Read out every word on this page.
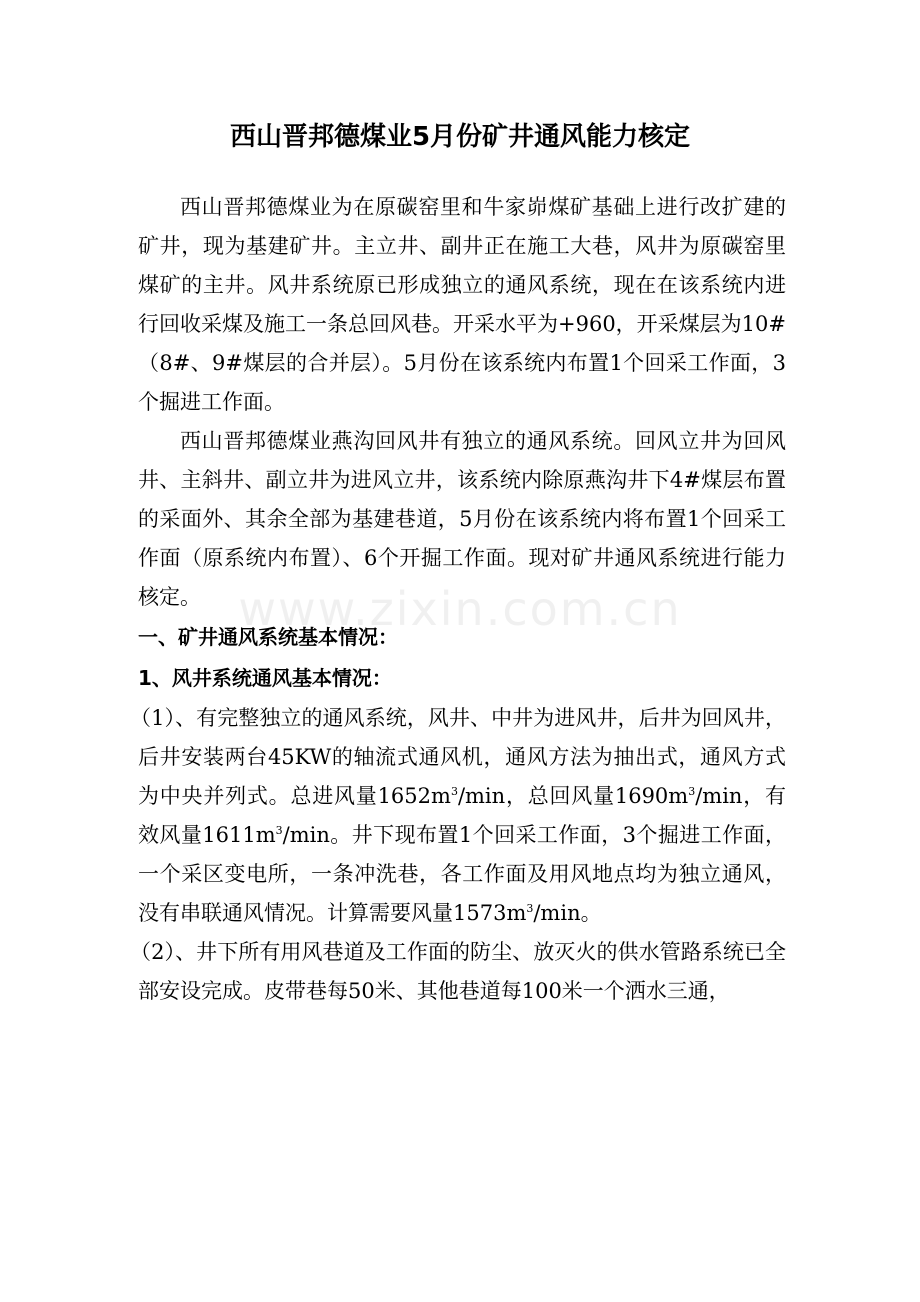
西山晋邦德煤业5月份矿井通风能力核定

西山晋邦德煤业为在原碳窑里和牛家峁煤矿基础上进行改扩建的矿井，现为基建矿井。主立井、副井正在施工大巷，风井为原碳窑里煤矿的主井。风井系统原已形成独立的通风系统，现在在该系统内进行回收采煤及施工一条总回风巷。开采水平为+960，开采煤层为10#（8#、9#煤层的合并层）。5月份在该系统内布置1个回采工作面，3个掘进工作面。

西山晋邦德煤业燕沟回风井有独立的通风系统。回风立井为回风井、主斜井、副立井为进风立井，该系统内除原燕沟井下4#煤层布置的采面外、其余全部为基建巷道，5月份在该系统内将布置1个回采工作面（原系统内布置）、6个开掘工作面。现对矿井通风系统进行能力核定。

一、矿井通风系统基本情况：

1、风井系统通风基本情况：

（1）、有完整独立的通风系统，风井、中井为进风井，后井为回风井，后井安装两台45KW的轴流式通风机，通风方法为抽出式，通风方式为中央并列式。总进风量$1652m^3/\min$，总回风量$1690m^3/\min$，有效风量$1611m^3/\min$。井下现布置1个回采工作面，3个掘进工作面，一个采区变电所，一条冲洗巷，各工作面及用风地点均为独立通风，没有串联通风情况。计算需要风量$1573m^3/\min$。

（2）、井下所有用风巷道及工作面的防尘、放灭火的供水管路系统已全部安设完成。皮带巷每50米、其他巷道每100米一个洒水三通，

www.zixin.com.cn
